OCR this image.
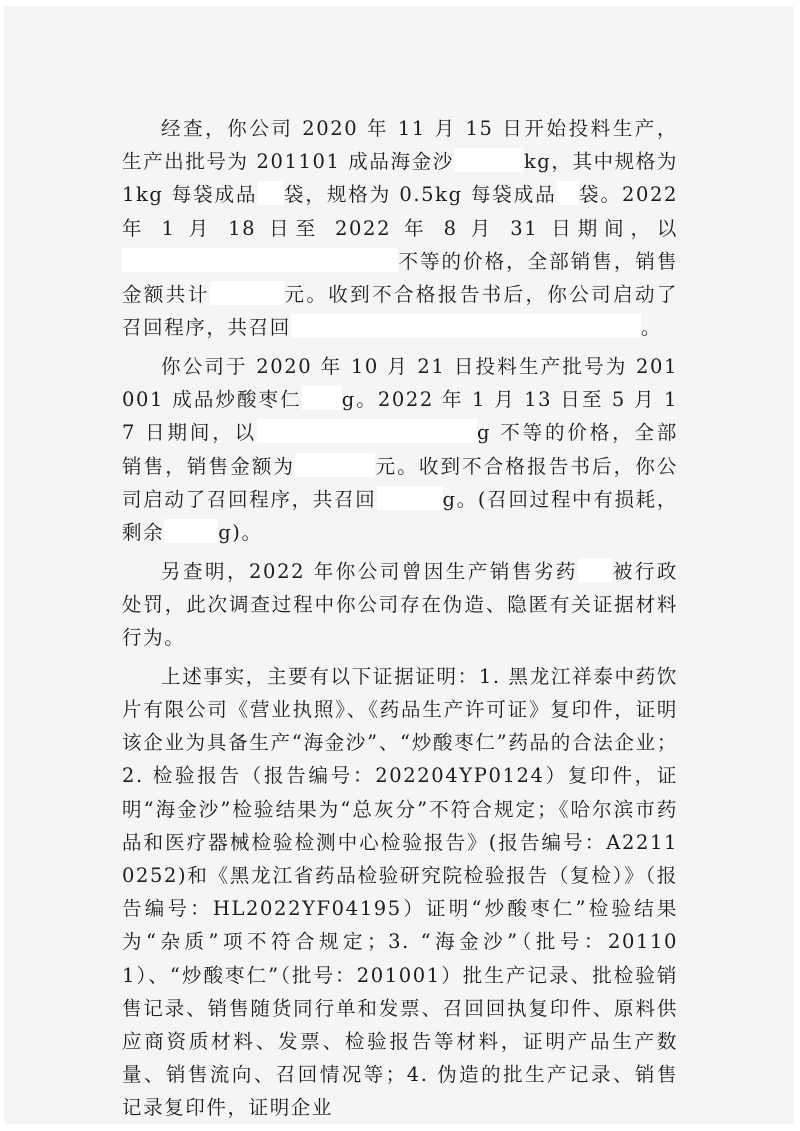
经查，你公司 2020 年 11 月 15 日开始投料生产，生产出批号为 201101 成品海金沙	kg，其中规格为 1kg 每袋成品 袋，规格为 0.5kg 每袋成品 袋。2022 年 1 月 18 日至 2022 年 8 月 31 日期间，以不等的价格，全部销售，销售金额共计	元。收到不合格报告书后，你公司启动了召回程序，共召回	。

你公司于 2020 年 10 月 21 日投料生产批号为 201001 成品炒酸枣仁 g。2022 年 1 月 13 日至 5 月 17 日期间，以	g 不等的价格，全部销售，销售金额为	元。收到不合格报告书后，你公司启动了召回程序，共召回	g。(召回过程中有损耗，剩余	g)。

另查明，2022 年你公司曾因生产销售劣药 被行政处罚，此次调查过程中你公司存在伪造、隐匿有关证据材料行为。

上述事实，主要有以下证据证明：1. 黑龙江祥泰中药饮片有限公司《营业执照》、《药品生产许可证》复印件，证明该企业为具备生产“海金沙”、“炒酸枣仁”药品的合法企业；2. 检验报告（报告编号：202204YP0124）复印件，证明“海金沙”检验结果为“总灰分”不符合规定；《哈尔滨市药品和医疗器械检验检测中心检验报告》(报告编号：A22110252)和《黑龙江省药品检验研究院检验报告（复检）》（报告编号：HL2022YF04195）证明“炒酸枣仁”检验结果为“杂质”项不符合规定；3. “海金沙”（批号：201101）、“炒酸枣仁”（批号：201001）批生产记录、批检验销售记录、销售随货同行单和发票、召回回执复印件、原料供应商资质材料、发票、检验报告等材料，证明产品生产数量、销售流向、召回情况等；4. 伪造的批生产记录、销售记录复印件，证明企业
